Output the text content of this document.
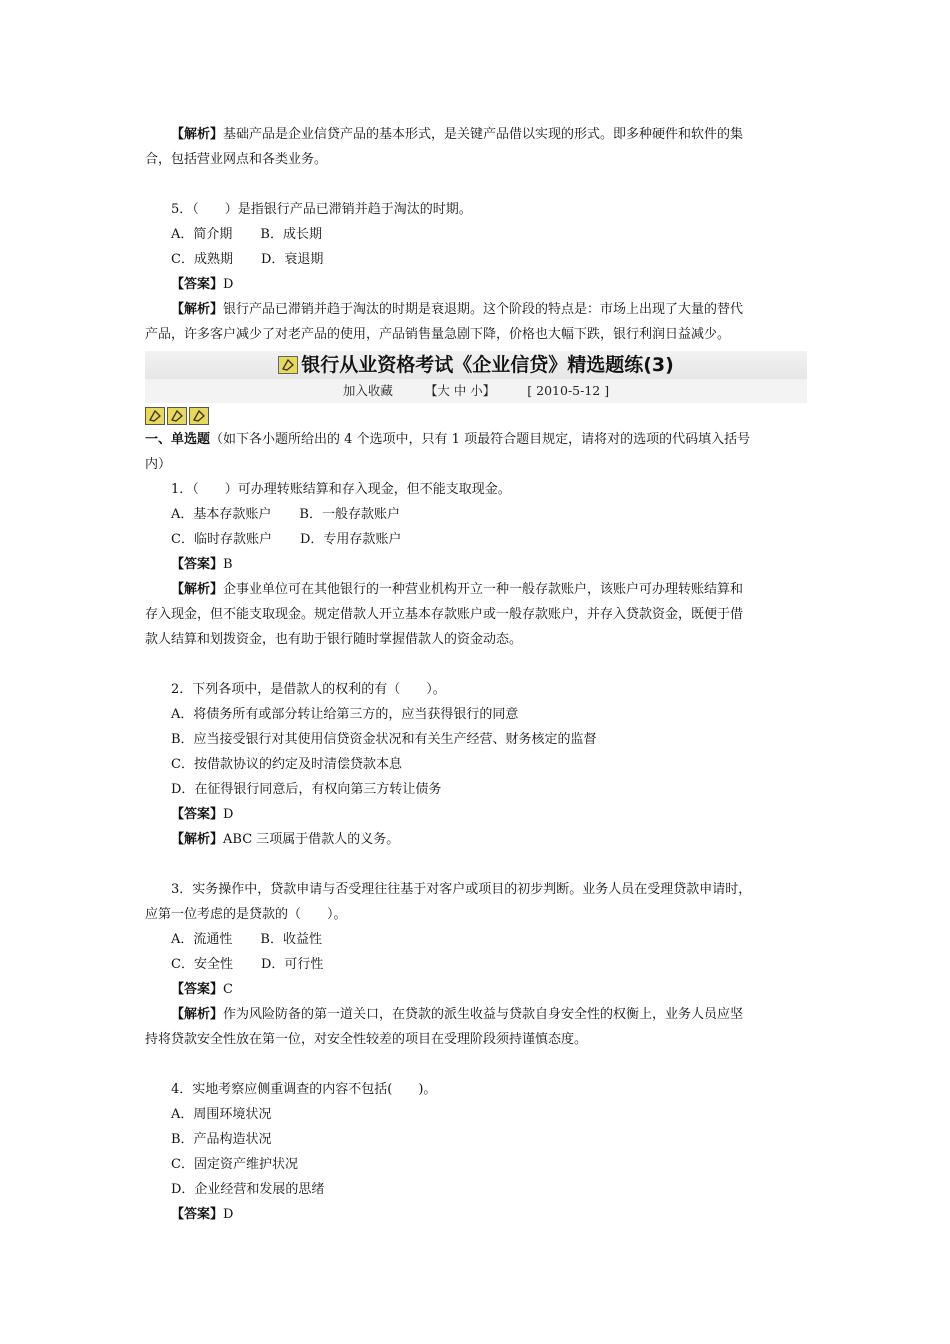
【解析】基础产品是企业信贷产品的基本形式，是关键产品借以实现的形式。即多种硬件和软件的集
合，包括营业网点和各类业务。
5．（　　）是指银行产品已滞销并趋于淘汰的时期。
A．简介期 B．成长期
C．成熟期 D．衰退期
【答案】D
【解析】银行产品已滞销并趋于淘汰的时期是衰退期。这个阶段的特点是：市场上出现了大量的替代
产品，许多客户减少了对老产品的使用，产品销售量急剧下降，价格也大幅下跌，银行利润日益减少。
银行从业资格考试《企业信贷》精选题练(3)
加入收藏	【大 中 小】	[ 2010-5-12 ]
一、单选题（如下各小题所给出的 4 个选项中，只有 1 项最符合题目规定，请将对的选项的代码填入括号
内）
1．（　　）可办理转账结算和存入现金，但不能支取现金。
A．基本存款账户 B．一般存款账户
C．临时存款账户 D．专用存款账户
【答案】B
【解析】企事业单位可在其他银行的一种营业机构开立一种一般存款账户，该账户可办理转账结算和
存入现金，但不能支取现金。规定借款人开立基本存款账户或一般存款账户，并存入贷款资金，既便于借
款人结算和划拨资金，也有助于银行随时掌握借款人的资金动态。
2．下列各项中，是借款人的权利的有（　　）。
A．将债务所有或部分转让给第三方的，应当获得银行的同意
B．应当接受银行对其使用信贷资金状况和有关生产经营、财务核定的监督
C．按借款协议的约定及时清偿贷款本息
D．在征得银行同意后，有权向第三方转让债务
【答案】D
【解析】ABC 三项属于借款人的义务。
3．实务操作中，贷款申请与否受理往往基于对客户或项目的初步判断。业务人员在受理贷款申请时，
应第一位考虑的是贷款的（　　）。
A．流通性 B．收益性
C．安全性 D．可行性
【答案】C
【解析】作为风险防备的第一道关口，在贷款的派生收益与贷款自身安全性的权衡上，业务人员应坚
持将贷款安全性放在第一位，对安全性较差的项目在受理阶段须持谨慎态度。
4．实地考察应侧重调查的内容不包括(　　)。
A．周围环境状况
B．产品构造状况
C．固定资产维护状况
D．企业经营和发展的思绪
【答案】D
